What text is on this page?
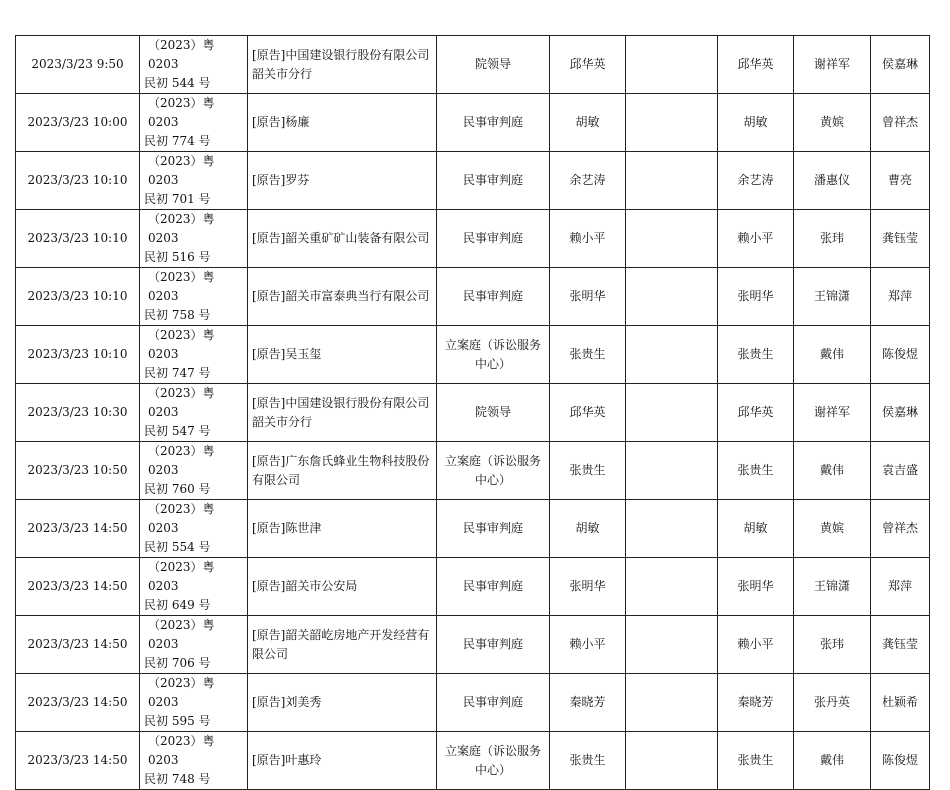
2023/3/23 9:50	（2023）粤 0203
民初 544 号	[原告]中国建设银行股份有限公司韶关市分行	院领导	邱华英		邱华英	谢祥军	侯嘉琳
2023/3/23 10:00	（2023）粤 0203
民初 774 号	[原告]杨廉	民事审判庭	胡敏		胡敏	黄嫔	曾祥杰
2023/3/23 10:10	（2023）粤 0203
民初 701 号	[原告]罗芬	民事审判庭	余艺涛		余艺涛	潘惠仪	曹亮
2023/3/23 10:10	（2023）粤 0203
民初 516 号	[原告]韶关重矿矿山装备有限公司	民事审判庭	赖小平		赖小平	张玮	龚钰莹
2023/3/23 10:10	（2023）粤 0203
民初 758 号	[原告]韶关市富泰典当行有限公司	民事审判庭	张明华		张明华	王锦潇	郑萍
2023/3/23 10:10	（2023）粤 0203
民初 747 号	[原告]吴玉玺	立案庭（诉讼服务中心）	张贵生		张贵生	戴伟	陈俊煜
2023/3/23 10:30	（2023）粤 0203
民初 547 号	[原告]中国建设银行股份有限公司韶关市分行	院领导	邱华英		邱华英	谢祥军	侯嘉琳
2023/3/23 10:50	（2023）粤 0203
民初 760 号	[原告]广东詹氏蜂业生物科技股份有限公司	立案庭（诉讼服务中心）	张贵生		张贵生	戴伟	袁吉盛
2023/3/23 14:50	（2023）粤 0203
民初 554 号	[原告]陈世津	民事审判庭	胡敏		胡敏	黄嫔	曾祥杰
2023/3/23 14:50	（2023）粤 0203
民初 649 号	[原告]韶关市公安局	民事审判庭	张明华		张明华	王锦潇	郑萍
2023/3/23 14:50	（2023）粤 0203
民初 706 号	[原告]韶关韶屹房地产开发经营有限公司	民事审判庭	赖小平		赖小平	张玮	龚钰莹
2023/3/23 14:50	（2023）粤 0203
民初 595 号	[原告]刘美秀	民事审判庭	秦晓芳		秦晓芳	张丹英	杜颖希
2023/3/23 14:50	（2023）粤 0203
民初 748 号	[原告]叶惠玲	立案庭（诉讼服务中心）	张贵生		张贵生	戴伟	陈俊煜
